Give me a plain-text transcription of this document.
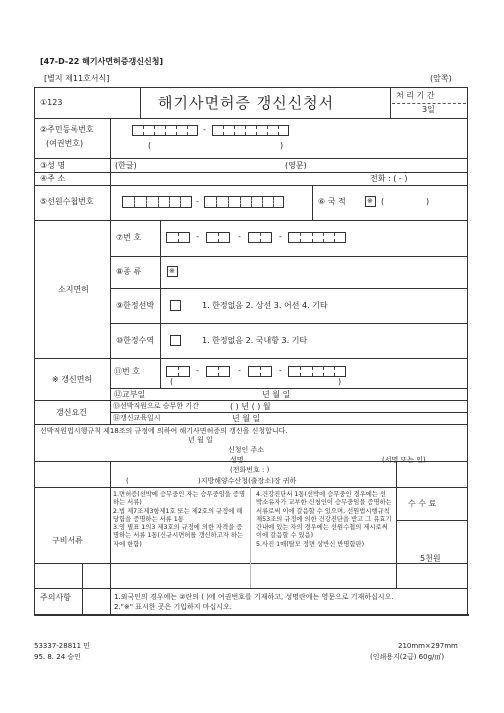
[47-D-22 해기사면허증갱신신청]
[별지 제11호서식]	(앞쪽)
①123	해기사면허증 갱신신청서	처 리 기 간
3일
②주민등록번호
(여권번호)
-
(	)
③성 명	(한글)	(영문)
④주 소	전화 : ( - )
⑤선원수첩번호	-	⑥ 국 적	※ (	)
소지면허
⑦번 호	-	-	-
⑧종 류	※
⑨한정선박	1. 한정없음 2. 상선 3. 어선 4. 기타
⑩한정수역	1. 한정없음 2. 국내항 3. 기타
※ 갱신면허
⑪번 호	-	-	-
(	)
⑫교부일	년 월 일
갱신요건
⑬선박직원으로 승무한 기간	( ) 년 ( ) 월
⑭갱신교육일시	년 월 일
선박직원법시행규칙 제18조의 규정에 의하여 해기사면허증의 갱신을 신청합니다.
년 월 일
신청인 주소
성명	(서명 또는 인)
(전화번호 : )
(	)지방해양수산청(출장소)장 귀하
구비서류
1.면허증(선박에 승무중인 자는 승무중임을 증명하는 서류)
2.법 제7조제3항제1호 또는 제2호의 규정에 해당함을 증명하는 서류 1통
3.영 별표 1의3 제3호의 규정에 의한 자격을 증명하는 서류 1통(신규시면허를 갱신하고자 하는 자에 한함)
4.건강진단서 1통(선박에 승무중인 경우에는 선박소유자가 교부한 신청인이 승무중임을 증명하는 서류로써 이에 갈음할 수 있으며, 선원법시행규칙 제53조의 규정에 의한 건강진단을 받고 그 유효기간내에 있는 자의 경우에는 선원수첩의 제시로써 이에 갈음할 수 있음)
5.사진 1매(탈모 정면 상반신 반명함판)
수 수 료
5천원
주의사항	1.외국인의 경우에는 ②란의 ( )에 여권번호를 기재하고, 성명란에는 영문으로 기재하십시오.
2."※" 표시한 곳은 기입하지 마십시오.
53337-28811 민
95. 8. 24 승인
210mm×297mm
(인쇄용지(2급) 60g/㎡)
